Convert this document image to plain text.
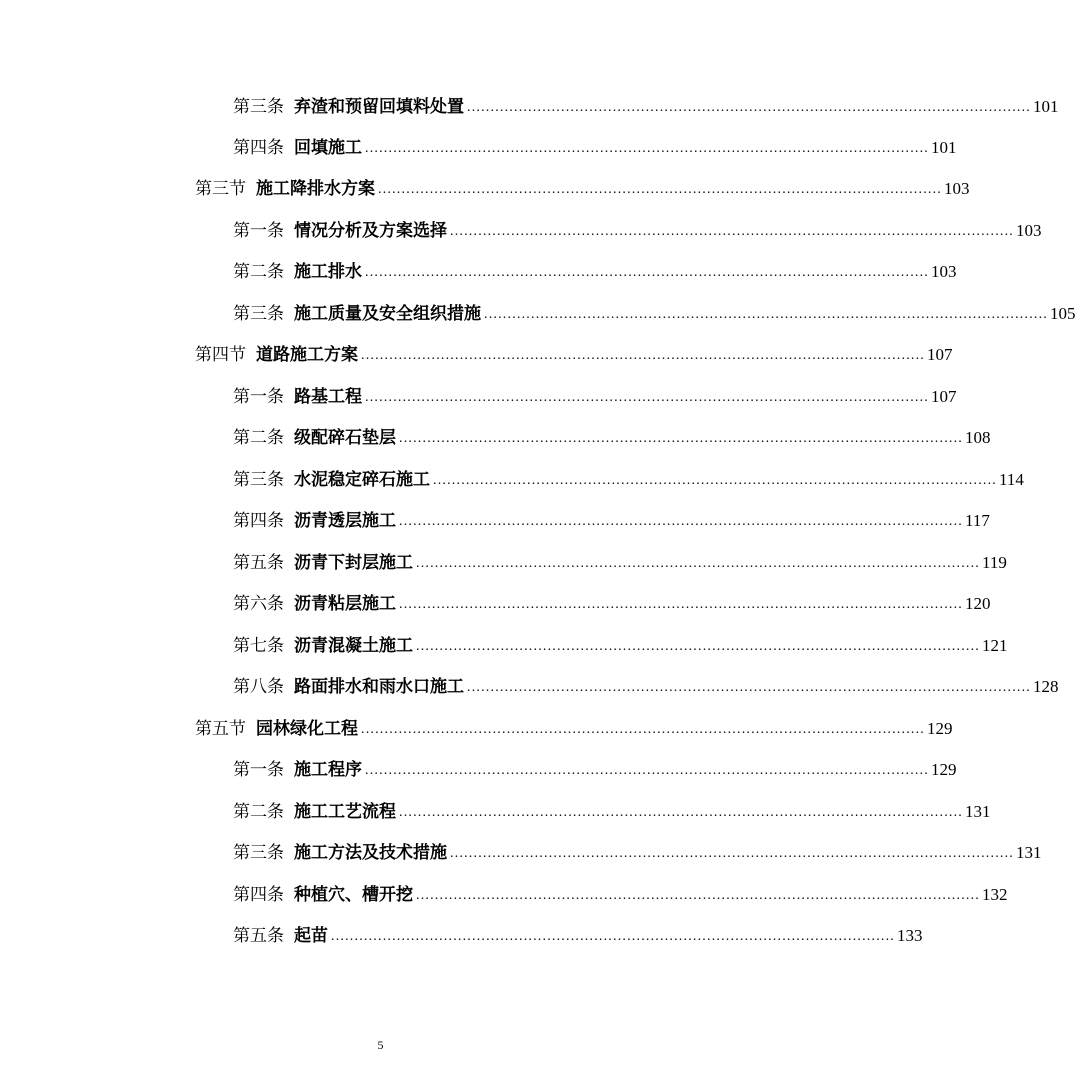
第三条 弃渣和预留回填料处置 ........................................................................................................................ 101
第四条 回填施工 ........................................................................................................................ 101
第三节 施工降排水方案 ........................................................................................................................ 103
第一条 情况分析及方案选择 ........................................................................................................................ 103
第二条 施工排水 ........................................................................................................................ 103
第三条 施工质量及安全组织措施 ........................................................................................................................ 105
第四节 道路施工方案 ........................................................................................................................ 107
第一条 路基工程 ........................................................................................................................ 107
第二条 级配碎石垫层 ........................................................................................................................ 108
第三条 水泥稳定碎石施工 ........................................................................................................................ 114
第四条 沥青透层施工 ........................................................................................................................ 117
第五条 沥青下封层施工 ........................................................................................................................ 119
第六条 沥青粘层施工 ........................................................................................................................ 120
第七条 沥青混凝土施工 ........................................................................................................................ 121
第八条 路面排水和雨水口施工 ........................................................................................................................ 128
第五节 园林绿化工程 ........................................................................................................................ 129
第一条 施工程序 ........................................................................................................................ 129
第二条 施工工艺流程 ........................................................................................................................ 131
第三条 施工方法及技术措施 ........................................................................................................................ 131
第四条 种植穴、槽开挖 ........................................................................................................................ 132
第五条 起苗 ........................................................................................................................ 133
5
